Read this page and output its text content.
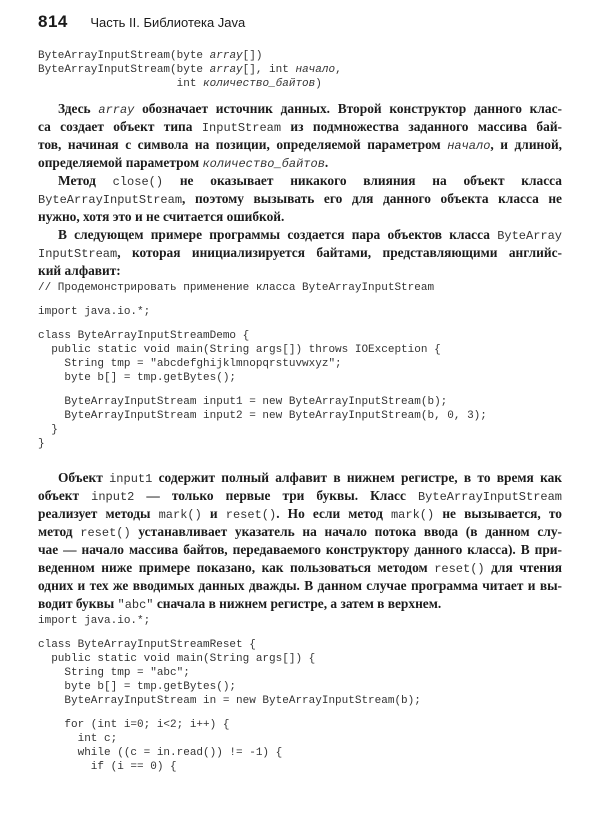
814 Часть II. Библиотека Java
ByteArrayInputStream(byte array[])
ByteArrayInputStream(byte array[], int начало,
int количество_байтов)
Здесь array обозначает источник данных. Второй конструктор данного клас-
са создает объект типа InputStream из подмножества заданного массива бай-
тов, начиная с символа на позиции, определяемой параметром начало, и длиной,
определяемой параметром количество_байтов.
Метод close() не оказывает никакого влияния на объект класса
ByteArrayInputStream, поэтому вызывать его для данного объекта класса не
нужно, хотя это и не считается ошибкой.
В следующем примере программы создается пара объектов класса ByteArray
InputStream, которая инициализируется байтами, представляющими английс-
кий алфавит:
// Продемонстрировать применение класса ByteArrayInputStream
import java.io.*;
class ByteArrayInputStreamDemo {
public static void main(String args[]) throws IOException {
String tmp = "abcdefghijklmnopqrstuvwxyz";
byte b[] = tmp.getBytes();
ByteArrayInputStream input1 = new ByteArrayInputStream(b);
ByteArrayInputStream input2 = new ByteArrayInputStream(b, 0, 3);
}
}
Объект input1 содержит полный алфавит в нижнем регистре, в то время как
объект input2 — только первые три буквы. Класс ByteArrayInputStream
реализует методы mark() и reset(). Но если метод mark() не вызывается, то
метод reset() устанавливает указатель на начало потока ввода (в данном слу-
чае — начало массива байтов, передаваемого конструктору данного класса). В при-
веденном ниже примере показано, как пользоваться методом reset() для чтения
одних и тех же вводимых данных дважды. В данном случае программа читает и вы-
водит буквы "abc" сначала в нижнем регистре, а затем в верхнем.
import java.io.*;
class ByteArrayInputStreamReset {
public static void main(String args[]) {
String tmp = "abc";
byte b[] = tmp.getBytes();
ByteArrayInputStream in = new ByteArrayInputStream(b);
for (int i=0; i<2; i++) {
int c;
while ((c = in.read()) != -1) {
if (i == 0) {
